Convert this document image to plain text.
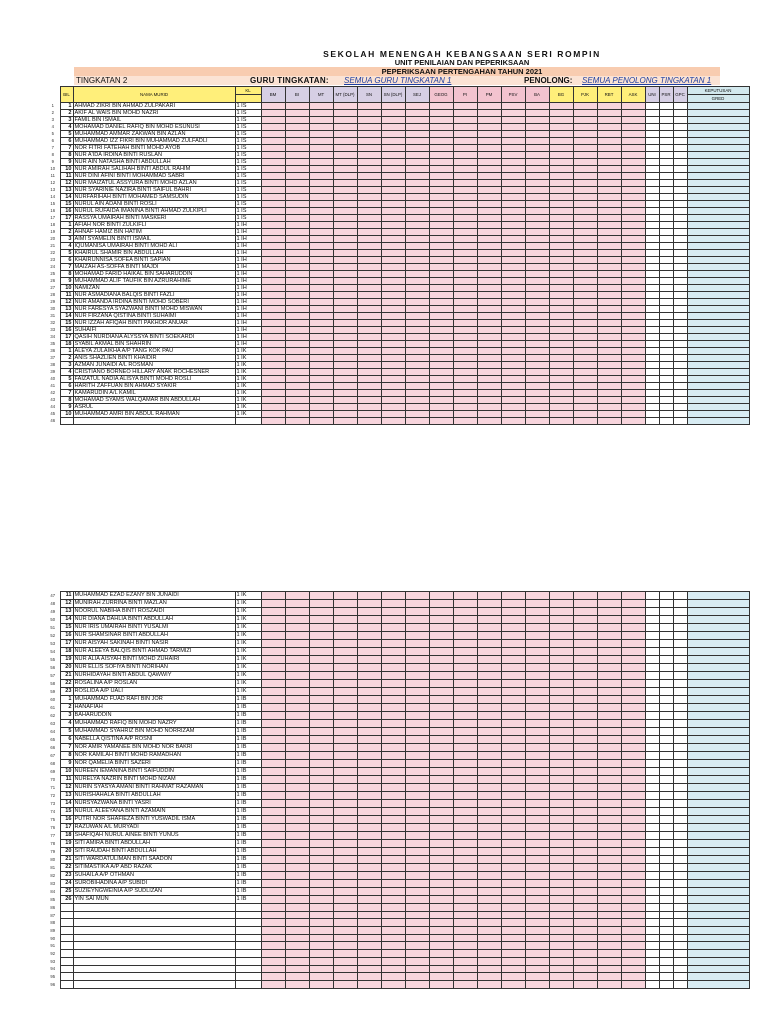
SEKOLAH MENENGAH KEBANGSAAN SERI ROMPIN
UNIT PENILAIAN DAN PEPERIKSAAN
PEPERIKSAAN PERTENGAHAN TAHUN 2021
TINGKATAN 2	GURU TINGKATAN: SEMUA GURU TINGKATAN 1	PENOLONG: SEMUA PENOLONG TINGKATAN 1
	BIL	NAMA MURID	KL	BM	BI	MT	MT (DLP)	SN	SN (DLP)	SEJ	GEOG	PI	PM	PSV	BA	BG	PJK	RBT	ASK	UNI	PSR	GPC	KEPUTUSAN
																							GRED
1	1	AHMAD ZIKRI BIN AHMAD ZULPAKARI	1 IS																				
2	2	AKIF AL WAIS BIN MOHD NAZRI	1 IS																				
3	3	FAMIL BIN ISMAIL	1 IS																				
4	4	MOHAMAD DANIEL RAFIQ BIN MOHD ESUNUSI	1 IS																				
5	5	MUHAMMAD AMMAR ZAKWAN BIN AZLAN	1 IS																				
6	6	MUHAMMAD IZZ FIKRI BIN MUHAMMAD ZULFADLI	1 IS																				
7	7	NOR FITRI FATEHAH BINTI MOHD AYOB	1 IS																				
8	8	NUR A'IDA IRDINA BINTI RUSLAN	1 IS																				
9	9	NUR AIN NATASHA BINTI ABDULLAH	1 IS																				
10	10	NUR AMIRAH SALIHAH BINTI ABDUL RAHIM	1 IS																				
11	11	NUR DINI AFINI BINTI MOHAMMAD SABRI	1 IS																				
12	12	NUR MAIZATUL ASSYURA BINTI MOHD AZLAN	1 IS																				
13	13	NUR SYARINIE NAZIRA BINTI SAIFUL BAHRI	1 IS																				
14	14	NURFARIHAH BINTI MOHAMED SAMSUDIN	1 IS																				
15	15	NURUL AIN ADANI BINTI ROSLI	1 IS																				
16	16	NURUL RUFAIDA IMANINA BINTI AHMAD ZULKIPLI	1 IS																				
17	17	RASSYA UMAIRAH BINTI MASKERI	1 IS																				
18	1	AFIAH NOR BINTI ZULKIFLI	1 IH																				
19	2	AHNAF HAMIZ BIN HATIM	1 IH																				
20	3	AIMI SYAMELIN BINTI ISMAIL	1 IH																				
21	4	IQUMANISA UMAIRAH BINTI MOHD ALI	1 IH																				
22	5	KHAIRUL SHAMIR BIN ABDULLAH	1 IH																				
23	6	KHAIRUNNISA SOFEA BINTI SAPIAN	1 IH																				
24	7	MAIZAH AS-SOFFA BINTI MAJDI	1 IH																				
25	8	MOHAMAD FARID HAIKAL BIN SAHARUDDIN	1 IH																				
26	9	MUHAMMAD ALIF TAUFIK BIN AZRURAHIME	1 IH																				
27	10	NAMIZAN	1 IH																				
28	11	NUR ASMADIANA BALQIS BINTI FAZLI	1 IH																				
29	12	NUR AMANDA IRDINA BINTI MOHD SOBERI	1 IH																				
30	13	NUR FARESYA SYAZWANI BINTI MOHD MISWAN	1 IH																				
31	14	NUR FIRZANA QISTINA BINTI SUHAIMI	1 IH																				
32	15	NUR IZZAH AFIQAH BINTI PAKHOR ANUAR	1 IH																				
33	16	SUHAIFI	1 IH																				
34	17	QASIH NURDIANA ALYSSYA BINTI SOEKARDI	1 IH																				
35	18	SYABIL AKMAL BIN SHAHRIN	1 IH																				
36	1	ALEYA ZULAIKHA A/P TANG KOK PAU	1 IK																				
37	2	ANIS SHAZLIEN BINTI KHAIDIR	1 IK																				
38	3	AZMAN JUNAIDI A/L ROSMAN	1 IK																				
39	4	CRISTIANO BORNEO HILLARY ANAK ROCHESNER	1 IK																				
40	5	FAIZATUL NADIA ALISYA BINTI MOHD ROSLI	1 IK																				
41	6	HARITH ZAFFUAN BIN AHMAD SYAKIR	1 IK																				
42	7	KAMARUDIN A/L KAMIL	1 IK																				
43	8	MOHAMAD SYAMS WALQAMAR BIN ABDULLAH	1 IK																				
44	9	ASRUL	1 IK																				
45	10	MUHAMMAD AMRI BIN ABDUL RAHMAN	1 IK																				
46																							
47	11	MUHAMMAD EZAD EZANY BIN JUNAIDI	1 IK																				
48	12	MUNIRAH ZURRINA BINTI MAZLAN	1 IK																				
49	13	NOORUL NABIHA BINTI ROSZAIDI	1 IK																				
50	14	NUR DIANA DAHLIA BINTI ABDULLAH	1 IK																				
51	15	NUR IRIS UMAIRAH BINTI YUSALMI	1 IK																				
52	16	NUR SHAMSINAR BINTI ABDULLAH	1 IK																				
53	17	NUR AISYAH SAKINAH BINTI NASIR	1 IK																				
54	18	NUR ALEEYA BALQIS BINTI AHMAD TARMIZI	1 IK																				
55	19	NUR ALIA AISYAH BINTI MOHD ZUHAIRI	1 IK																				
56	20	NUR ELLIS SOFIYA BINTI NORIHAN	1 IK																				
57	21	NURHIDAYAH BINTI ABDUL QAWWIY	1 IK																				
58	22	ROSALINA A/P ROSLAN	1 IK																				
59	23	ROSLIDA A/P UALI	1 IK																				
60	1	MUHAMMAD FUAD RAFI BIN JOR	1 IB																				
61	2	HANAFIAH	1 IB																				
62	3	BAHARUDDIN	1 IB																				
63	4	MUHAMMAD RAFIQ BIN MOHD NAZRY	1 IB																				
64	5	MUHAMMAD SYAHRIZ BIN MOHD NORRIZAM	1 IB																				
65	6	NABELLA QISTINA A/P ROSNI	1 IB																				
66	7	NOR AMIR YAMANEE BIN MOHD NOR BAKRI	1 IB																				
67	8	NOR KAMILAH BINTI MOHD RAMADHAN	1 IB																				
68	9	NOR QAMELIA BINTI SAZERI	1 IB																				
69	10	NUREEN IEMANINA BINTI SAIFUDDIN	1 IB																				
70	11	NURELYA NAZRIN BINTI MOHD NIZAM	1 IB																				
71	12	NURIN SYASYA AMANI BINTI RAHMAT RAZAMAN	1 IB																				
72	13	NURISHAHALA BINTI ABDULLAH	1 IB																				
73	14	NURSYAZWANA BINTI YASRI	1 IB																				
74	15	NURUL ALEEYANA BINTI AZAMAIN	1 IB																				
75	16	PUTRI NOR SHAFIEZA BINTI YUSWADIL ISMA	1 IB																				
76	17	RAZUWAN A/L MURYADI	1 IB																				
77	18	SHAFIQAH NURUL AINEE BINTI YUNUS	1 IB																				
78	19	SITI AMIRA BINTI ABDULLAH	1 IB																				
79	20	SITI RAUDAH BINTI ABDULLAH	1 IB																				
80	21	SITI WARDATULIMAN BINTI SAADON	1 IB																				
81	22	SITIMASTIKA A/P ABD RAZAK	1 IB																				
82	23	SUHAILA A/P OTHMAN	1 IB																				
83	24	SUROBIHADINA A/P SUBIDI	1 IB																				
84	25	SUZIEYNGWEINIA A/P SUDLIZAN	1 IB																				
85	26	YIN SAI MUN	1 IB																				
86																							
87																							
88																							
89																							
90																							
91																							
92																							
93																							
94																							
95																							
96																							
